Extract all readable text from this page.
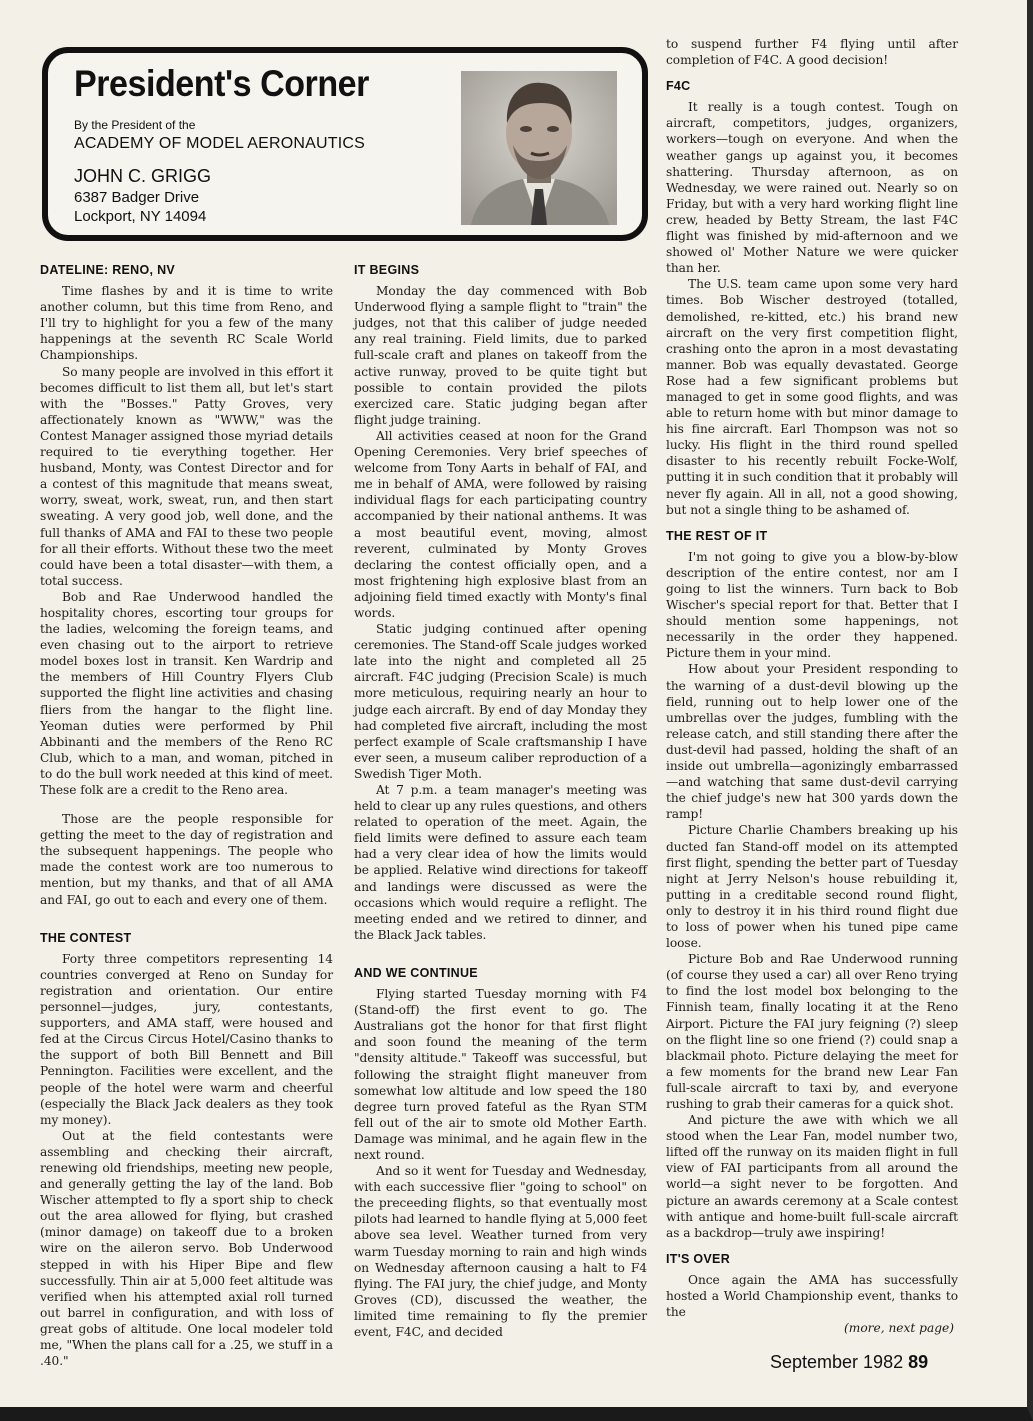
President's Corner
By the President of the
ACADEMY OF MODEL AERONAUTICS
JOHN C. GRIGG
6387 Badger Drive
Lockport, NY 14094
DATELINE: RENO, NV

Time flashes by and it is time to write another column, but this time from Reno, and I'll try to highlight for you a few of the many happenings at the seventh RC Scale World Championships.

So many people are involved in this effort it becomes difficult to list them all, but let's start with the "Bosses." Patty Groves, very affectionately known as "WWW," was the Contest Manager assigned those myriad details required to tie everything together. Her husband, Monty, was Contest Director and for a contest of this magnitude that means sweat, worry, sweat, work, sweat, run, and then start sweating. A very good job, well done, and the full thanks of AMA and FAI to these two people for all their efforts. Without these two the meet could have been a total disaster—with them, a total success.

Bob and Rae Underwood handled the hospitality chores, escorting tour groups for the ladies, welcoming the foreign teams, and even chasing out to the airport to retrieve model boxes lost in transit. Ken Wardrip and the members of Hill Country Flyers Club supported the flight line activities and chasing fliers from the hangar to the flight line. Yeoman duties were performed by Phil Abbinanti and the members of the Reno RC Club, which to a man, and woman, pitched in to do the bull work needed at this kind of meet. These folk are a credit to the Reno area.

Those are the people responsible for getting the meet to the day of registration and the subsequent happenings. The people who made the contest work are too numerous to mention, but my thanks, and that of all AMA and FAI, go out to each and every one of them.

THE CONTEST

Forty three competitors representing 14 countries converged at Reno on Sunday for registration and orientation. Our entire personnel—judges, jury, contestants, supporters, and AMA staff, were housed and fed at the Circus Circus Hotel/Casino thanks to the support of both Bill Bennett and Bill Pennington. Facilities were excellent, and the people of the hotel were warm and cheerful (especially the Black Jack dealers as they took my money).

Out at the field contestants were assembling and checking their aircraft, renewing old friendships, meeting new people, and generally getting the lay of the land. Bob Wischer attempted to fly a sport ship to check out the area allowed for flying, but crashed (minor damage) on takeoff due to a broken wire on the aileron servo. Bob Underwood stepped in with his Hiper Bipe and flew successfully. Thin air at 5,000 feet altitude was verified when his attempted axial roll turned out barrel in configuration, and with loss of great gobs of altitude. One local modeler told me, "When the plans call for a .25, we stuff in a .40."

IT BEGINS

Monday the day commenced with Bob Underwood flying a sample flight to "train" the judges, not that this caliber of judge needed any real training. Field limits, due to parked full-scale craft and planes on takeoff from the active runway, proved to be quite tight but possible to contain provided the pilots exercized care. Static judging began after flight judge training.

All activities ceased at noon for the Grand Opening Ceremonies. Very brief speeches of welcome from Tony Aarts in behalf of FAI, and me in behalf of AMA, were followed by raising individual flags for each participating country accompanied by their national anthems. It was a most beautiful event, moving, almost reverent, culminated by Monty Groves declaring the contest officially open, and a most frightening high explosive blast from an adjoining field timed exactly with Monty's final words.

Static judging continued after opening ceremonies. The Stand-off Scale judges worked late into the night and completed all 25 aircraft. F4C judging (Precision Scale) is much more meticulous, requiring nearly an hour to judge each aircraft. By end of day Monday they had completed five aircraft, including the most perfect example of Scale craftsmanship I have ever seen, a museum caliber reproduction of a Swedish Tiger Moth.

At 7 p.m. a team manager's meeting was held to clear up any rules questions, and others related to operation of the meet. Again, the field limits were defined to assure each team had a very clear idea of how the limits would be applied. Relative wind directions for takeoff and landings were discussed as were the occasions which would require a reflight. The meeting ended and we retired to dinner, and the Black Jack tables.

AND WE CONTINUE

Flying started Tuesday morning with F4 (Stand-off) the first event to go. The Australians got the honor for that first flight and soon found the meaning of the term "density altitude." Takeoff was successful, but following the straight flight maneuver from somewhat low altitude and low speed the 180 degree turn proved fateful as the Ryan STM fell out of the air to smote old Mother Earth. Damage was minimal, and he again flew in the next round.

And so it went for Tuesday and Wednesday, with each successive flier "going to school" on the preceeding flights, so that eventually most pilots had learned to handle flying at 5,000 feet above sea level. Weather turned from very warm Tuesday morning to rain and high winds on Wednesday afternoon causing a halt to F4 flying. The FAI jury, the chief judge, and Monty Groves (CD), discussed the weather, the limited time remaining to fly the premier event, F4C, and decided

to suspend further F4 flying until after completion of F4C. A good decision!

F4C

It really is a tough contest. Tough on aircraft, competitors, judges, organizers, workers—tough on everyone. And when the weather gangs up against you, it becomes shattering. Thursday afternoon, as on Wednesday, we were rained out. Nearly so on Friday, but with a very hard working flight line crew, headed by Betty Stream, the last F4C flight was finished by mid-afternoon and we showed ol' Mother Nature we were quicker than her.

The U.S. team came upon some very hard times. Bob Wischer destroyed (totalled, demolished, re-kitted, etc.) his brand new aircraft on the very first competition flight, crashing onto the apron in a most devastating manner. Bob was equally devastated. George Rose had a few significant problems but managed to get in some good flights, and was able to return home with but minor damage to his fine aircraft. Earl Thompson was not so lucky. His flight in the third round spelled disaster to his recently rebuilt Focke-Wolf, putting it in such condition that it probably will never fly again. All in all, not a good showing, but not a single thing to be ashamed of.

THE REST OF IT

I'm not going to give you a blow-by-blow description of the entire contest, nor am I going to list the winners. Turn back to Bob Wischer's special report for that. Better that I should mention some happenings, not necessarily in the order they happened. Picture them in your mind.

How about your President responding to the warning of a dust-devil blowing up the field, running out to help lower one of the umbrellas over the judges, fumbling with the release catch, and still standing there after the dust-devil had passed, holding the shaft of an inside out umbrella—agonizingly embarrassed—and watching that same dust-devil carrying the chief judge's new hat 300 yards down the ramp!

Picture Charlie Chambers breaking up his ducted fan Stand-off model on its attempted first flight, spending the better part of Tuesday night at Jerry Nelson's house rebuilding it, putting in a creditable second round flight, only to destroy it in his third round flight due to loss of power when his tuned pipe came loose.

Picture Bob and Rae Underwood running (of course they used a car) all over Reno trying to find the lost model box belonging to the Finnish team, finally locating it at the Reno Airport. Picture the FAI jury feigning (?) sleep on the flight line so one friend (?) could snap a blackmail photo. Picture delaying the meet for a few moments for the brand new Lear Fan full-scale aircraft to taxi by, and everyone rushing to grab their cameras for a quick shot.

And picture the awe with which we all stood when the Lear Fan, model number two, lifted off the runway on its maiden flight in full view of FAI participants from all around the world—a sight never to be forgotten. And picture an awards ceremony at a Scale contest with antique and home-built full-scale aircraft as a backdrop—truly awe inspiring!

IT'S OVER

Once again the AMA has successfully hosted a World Championship event, thanks to the

(more, next page)
September 1982 89
